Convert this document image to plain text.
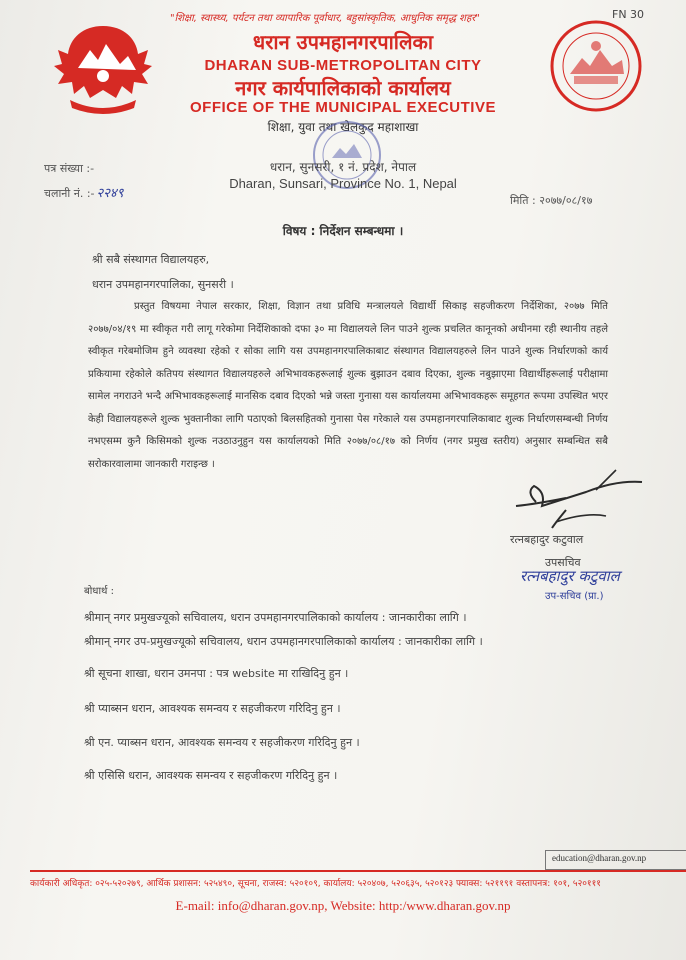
"शिक्षा, स्वास्थ्य, पर्यटन तथा व्यापारिक पूर्वाधार, बहुसांस्कृतिक, आधुनिक समृद्ध शहर"	FN 30
धरान उपमहानगरपालिका
DHARAN SUB-METROPOLITAN CITY
नगर कार्यपालिकाको कार्यालय
OFFICE OF THE MUNICIPAL EXECUTIVE
शिक्षा, युवा तथा खेलकुद महाशाखा
पत्र संख्या :-
चलानी नं. :- २२४९
धरान, सुनसरी, १ नं. प्रदेश, नेपाल
Dharan, Sunsari, Province No. 1, Nepal
मिति : २०७७/०८/१७
विषय : निर्देशन सम्बन्धमा ।
श्री सबै संस्थागत विद्यालयहरु,
धरान उपमहानगरपालिका, सुनसरी ।
प्रस्तुत विषयमा नेपाल सरकार, शिक्षा, विज्ञान तथा प्रविधि मन्त्रालयले विद्यार्थी सिकाइ सहजीकरण निर्देशिका, २०७७ मिति २०७७/०४/१९ मा स्वीकृत गरी लागू गरेकोमा निर्देशिकाको दफा ३० मा विद्यालयले लिन पाउने शुल्क प्रचलित कानूनको अधीनमा रही स्थानीय तहले स्वीकृत गरेबमोजिम हुने व्यवस्था रहेको र सोका लागि यस उपमहानगरपालिकाबाट संस्थागत विद्यालयहरुले लिन पाउने शुल्क निर्धारणको कार्य प्रकियामा रहेकोले कतिपय संस्थागत विद्यालयहरुले अभिभावकहरूलाई शुल्क बुझाउन दबाव दिएका, शुल्क नबुझाएमा विद्यार्थीहरूलाई परीक्षामा सामेल नगराउने भन्दै अभिभावकहरूलाई मानसिक दबाव दिएको भन्ने जस्ता गुनासा यस कार्यालयमा अभिभावकहरू समूहगत रूपमा उपस्थित भएर केही विद्यालयहरूले शुल्क भुक्तानीका लागि पठाएको बिलसहितको गुनासा पेस गरेकाले यस उपमहानगरपालिकाबाट शुल्क निर्धारणसम्बन्धी निर्णय नभएसम्म कुनै किसिमको शुल्क नउठाउनुहुन यस कार्यालयको मिति २०७७/०८/१७ को निर्णय (नगर प्रमुख स्तरीय) अनुसार सम्बन्धित सबै सरोकारवालामा जानकारी गराइन्छ ।
रत्नबहादुर कटुवाल
उपसचिव
रत्नबहादुर कटुवाल
उप-सचिव (प्रा.)
बोधार्थ :
श्रीमान् नगर प्रमुखज्यूको सचिवालय, धरान उपमहानगरपालिकाको कार्यालय : जानकारीका लागि ।
श्रीमान् नगर उप-प्रमुखज्यूको सचिवालय, धरान उपमहानगरपालिकाको कार्यालय : जानकारीका लागि ।
श्री सूचना शाखा, धरान उमनपा : पत्र website मा राखिदिनु हुन ।
श्री प्याब्सन धरान, आवश्यक समन्वय र सहजीकरण गरिदिनु हुन ।
श्री एन. प्याब्सन धरान, आवश्यक समन्वय र सहजीकरण गरिदिनु हुन ।
श्री एसिसि धरान, आवश्यक समन्वय र सहजीकरण गरिदिनु हुन ।
education@dharan.gov.np
कार्यकारी अधिकृत: ०२५-५२०२७९, आर्थिक प्रशासन: ५२५४९०, सूचना, राजस्व: ५२०१०९, कार्यालय: ५२०४०७, ५२०६३५, ५२०१२३ फ्याक्स: ५२११९१ वस्तापनत्र: १०१, ५२०१११
E-mail: info@dharan.gov.np, Website: http:/www.dharan.gov.np
